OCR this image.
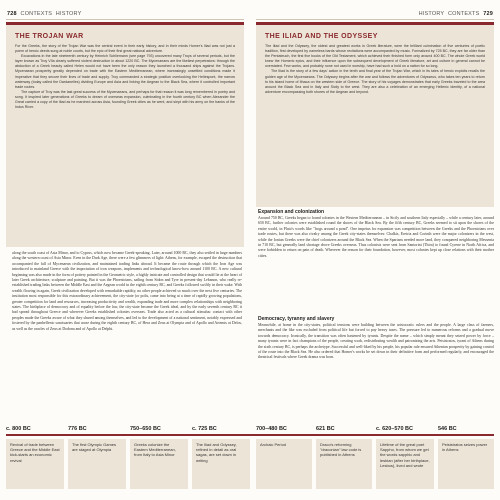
728 CONTEXTS HISTORY	HISTORY CONTEXTS 729
THE TROJAN WAR

For the Greeks, the story of the Trojan War was the central event in their early history, and in their minds Homer's Iliad was not just a poem of heroic deeds sung at noble courts, but the epic of their first great national adventure.

Excavations in the late nineteenth century by Heinrich Schliemann (see page 793) uncovered many Troys of several periods, but the layer known as Troy VIIa clearly suffered violent destruction in about 1220 BC. The Mycenaeans are the likeliest perpetrators: through the abduction of a Greek beauty called Helen would not have been the only reason they launched a thousand ships against the Trojans. Mycenaean prosperity greatly depended on trade with the Eastern Mediterranean, where increasingly unsettled conditions made it imperative that they secure their lines of trade and supply. Troy commanded a strategic position overlooking the Hellespont, the narrow waterway (today called the Dardanelles) dividing Europe and Asia and linking the Aegean to the Black Sea, where it controlled important trade routes.

The capture of Troy was the last great success of the Mycenaeans, and perhaps for that reason it was long remembered in poetry and song. It inspired later generations of Greeks to dream of overseas expansion, culminating in the fourth century BC when Alexander the Great carried a copy of the Iliad as he marched across Asia, founding Greek cities as he went, and slept with his army on the banks of the Indus River.

THE ILIAD AND THE ODYSSEY

The Iliad and the Odyssey, the oldest and greatest works in Greek literature, were the brilliant culmination of five centuries of poetic tradition, first developed by nameless bards whose recitations were accompanied by music. Formalized by 725 BC, they are far older than the Pentateuch, the first five books of the Old Testament, which achieved their finished form only around 400 BC. The whole Greek world knew the Homeric epics, and their influence upon the subsequent development of Greek literature, art and culture in general cannot be overstated. Few works, and probably none not used in worship, have had such a hold on a nation for so long.

The Iliad is the story of a few days' action in the tenth and final year of the Trojan War, which in its tales of heroic exploits recalls the golden age of the Mycenaeans. The Odyssey begins after the war and follows the adventures of Odysseus, who takes ten years to return to his island home of Ithaca on the western side of Greece. The story of his voyages demonstrates that early Greeks traveled to the area around the Black Sea and in Italy and Sicily to the west. They are also a celebration of an emerging Hellenic identity, of a national adventure encompassing both shores of the Aegean and beyond.

along the south coast of Asia Minor, and to Cyprus, which now became Greek-speaking. Later, around 1000 BC, they also settled in large numbers along the western coast of Asia Minor. Even in the Dark Age, there were a few glimmers of light: Athens, for example, escaped the destruction that accompanied the fall of Mycenaean civilization, and maintained trading links abroad. It became the route through which the Iron Age was introduced to mainland Greece with the importation of iron weapons, implements and technological know-how around 1100 BC. A new cultural beginning was also made in the form of pottery painted in the Geometric style, a highly intricate and controlled design that would lie at the heart of later Greek architecture, sculpture and painting. But it was the Phoenicians, sailing from Sidon and Tyre in present-day Lebanon, who really re-established trading links between the Middle East and the Aegean world in the eighth century BC, and Greeks followed swiftly in their wake. With wealth flowing in again, Greek civilization developed with remarkable rapidity, no other people achieved so much over the next five centuries. The institution most responsible for this extraordinary achievement, the city-state (or polis, came into being at a time of rapidly growing populations, greater competition for land and resources, increasing productivity and wealth, expanding trade and more complex relationships with neighboring states. The birthplace of democracy and of equality before the law, the city-state became the Greek ideal, and by the early seventh century BC it had spread throughout Greece and wherever Greeks established colonies overseas. Trade also acted as a cultural stimulus: contact with other peoples made the Greeks aware of what they shared among themselves, and led to the development of a national sentiment, notably expressed and fostered by the panhellenic sanctuaries that arose during the eighth century BC, of Hera and Zeus at Olympia and of Apollo and Artemis at Delos, as well as the oracles of Zeus at Dodona and of Apollo at Delphi.

Expansion and colonization

Around 750 BC, Greeks began to found colonies in the Western Mediterranean – in Sicily and southern Italy especially – while a century later, around 650 BC, further colonies were established round the shores of the Black Sea. By the fifth century BC, Greeks seemed to sit upon the shores of the entire world, in Plato's words like "frogs around a pond". One impetus for expansion was competition between the Greeks and the Phoenicians over trade routes, but there was also rivalry among the Greek city-states themselves: Chalkis, Eretria and Corinth were the major colonizers in the west, while the Ionian Greeks were the chief colonizers around the Black Sea. When the Spartans needed more land, they conquered neighboring Messenia in 710 BC, but generally land shortage drove Greeks overseas. Thus colonists were sent from Santorini (Thira) to found Cyrene in North Africa, and were forbidden to return on pain of death. Wherever the reason for their foundation, however, most colonies kept up close relations with their mother cities.

Democracy, tyranny and slavery

Meanwhile, at home in the city-states, political tensions were building between the aristocratic rulers and the people. A large class of farmers, merchants and the like was excluded from political life but forced to pay heavy taxes. The pressure led to numerous reforms and a gradual move towards democracy. Ironically, the transition was often hastened by tyrants. Despite the name – which simply meant they seized power by force – many tyrants were in fact champions of the people, creating work, redistributing wealth and patronizing the arts. Peisistratos, tyrant of Athens during the sixth century BC, is perhaps the archetype. Successful and well-liked by his people, his popular rule ensured Athenian prosperity by gaining control of the route into the Black Sea. He also ordered that Homer's works be set down in their definitive form and performed regularly, and encouraged the theatrical festivals where Greek drama was born.

c. 800 BC
Revival of trade between Greece and the Middle East kick-starts an economic revival
776 BC
The first Olympic Games are staged at Olympia
750–650 BC
Greeks colonize the Eastern Mediterranean, from Italy to Asia Minor
c. 725 BC
The Iliad and Odyssey, refined in detail as oral sagas, are set down in writing
700–480 BC
Archaic Period
621 BC
Draco's reforming "draconian" law code is published in Athens
c. 620–570 BC
Lifetime of the great poet Sappho, from whom we get the words sapphic and lesbian (after her birthplace, Lesbos), lived and wrote
546 BC
Peisistratos seizes power in Athens
